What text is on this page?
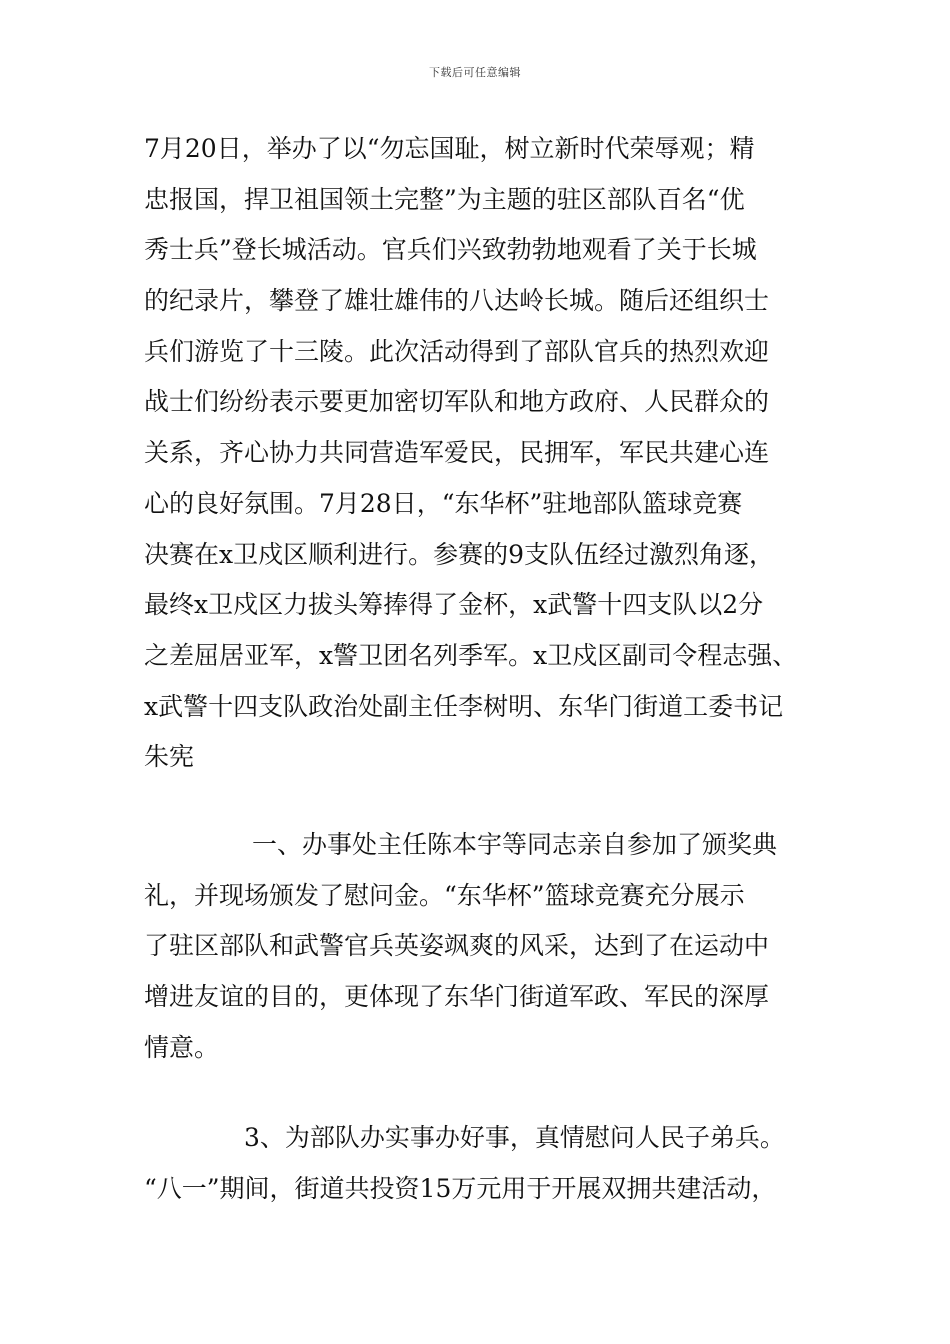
下载后可任意编辑
7月20日，举办了以“勿忘国耻，树立新时代荣辱观；精
忠报国，捍卫祖国领土完整”为主题的驻区部队百名“优
秀士兵”登长城活动。官兵们兴致勃勃地观看了关于长城
的纪录片，攀登了雄壮雄伟的八达岭长城。随后还组织士
兵们游览了十三陵。此次活动得到了部队官兵的热烈欢迎
战士们纷纷表示要更加密切军队和地方政府、人民群众的
关系，齐心协力共同营造军爱民，民拥军，军民共建心连
心的良好氛围。7月28日，“东华杯”驻地部队篮球竞赛
决赛在x卫戍区顺利进行。参赛的9支队伍经过激烈角逐，
最终x卫戍区力拔头筹捧得了金杯，x武警十四支队以2分
之差屈居亚军，x警卫团名列季军。x卫戍区副司令程志强、
x武警十四支队政治处副主任李树明、东华门街道工委书记
朱宪
一、办事处主任陈本宇等同志亲自参加了颁奖典
礼，并现场颁发了慰问金。“东华杯”篮球竞赛充分展示
了驻区部队和武警官兵英姿飒爽的风采，达到了在运动中
增进友谊的目的，更体现了东华门街道军政、军民的深厚
情意。
3、为部队办实事办好事，真情慰问人民子弟兵。
“八一”期间，街道共投资15万元用于开展双拥共建活动，
